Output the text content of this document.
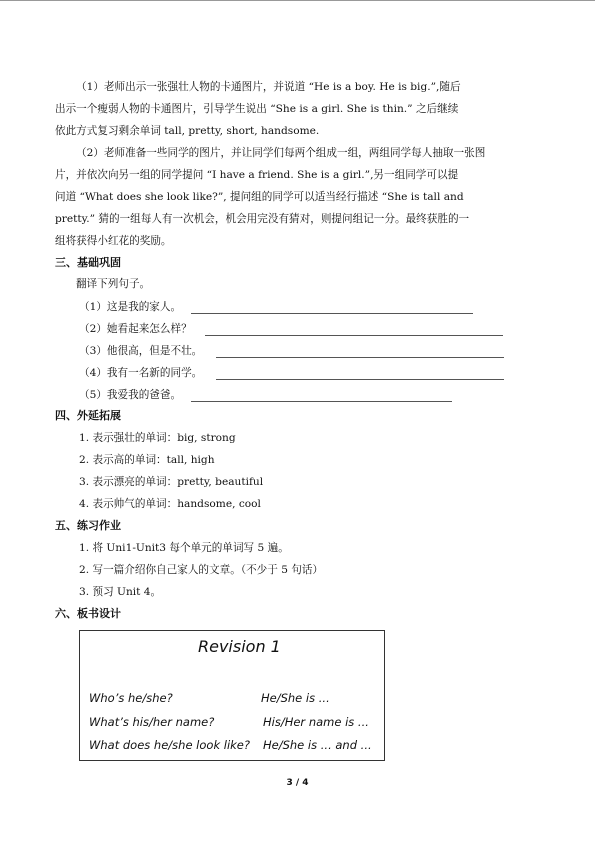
（1）老师出示一张强壮人物的卡通图片，并说道 “He is a boy. He is big.”,随后
出示一个瘦弱人物的卡通图片，引导学生说出 “She is a girl. She is thin.” 之后继续
依此方式复习剩余单词 tall, pretty, short, handsome.
（2）老师准备一些同学的图片，并让同学们每两个组成一组，两组同学每人抽取一张图
片，并依次向另一组的同学提问 “I have a friend. She is a girl.”,另一组同学可以提
问道 “What does she look like?”, 提问组的同学可以适当经行描述 “She is tall and
pretty.” 猜的一组每人有一次机会，机会用完没有猜对，则提问组记一分。最终获胜的一
组将获得小红花的奖励。
三、基础巩固
翻译下列句子。
（1）这是我的家人。
（2）她看起来怎么样？
（3）他很高，但是不壮。
（4）我有一名新的同学。
（5）我爱我的爸爸。
四、外延拓展
1. 表示强壮的单词：big, strong
2. 表示高的单词：tall, high
3. 表示漂亮的单词：pretty, beautiful
4. 表示帅气的单词：handsome, cool
五、练习作业
1. 将 Uni1-Unit3 每个单元的单词写 5 遍。
2. 写一篇介绍你自己家人的文章。（不少于 5 句话）
3. 预习 Unit 4。
六、板书设计
Revision 1
Who’s he/she?	He/She is ...
What’s his/her name?	His/Her name is ...
What does he/she look like? He/She is ... and ...
3 / 4
